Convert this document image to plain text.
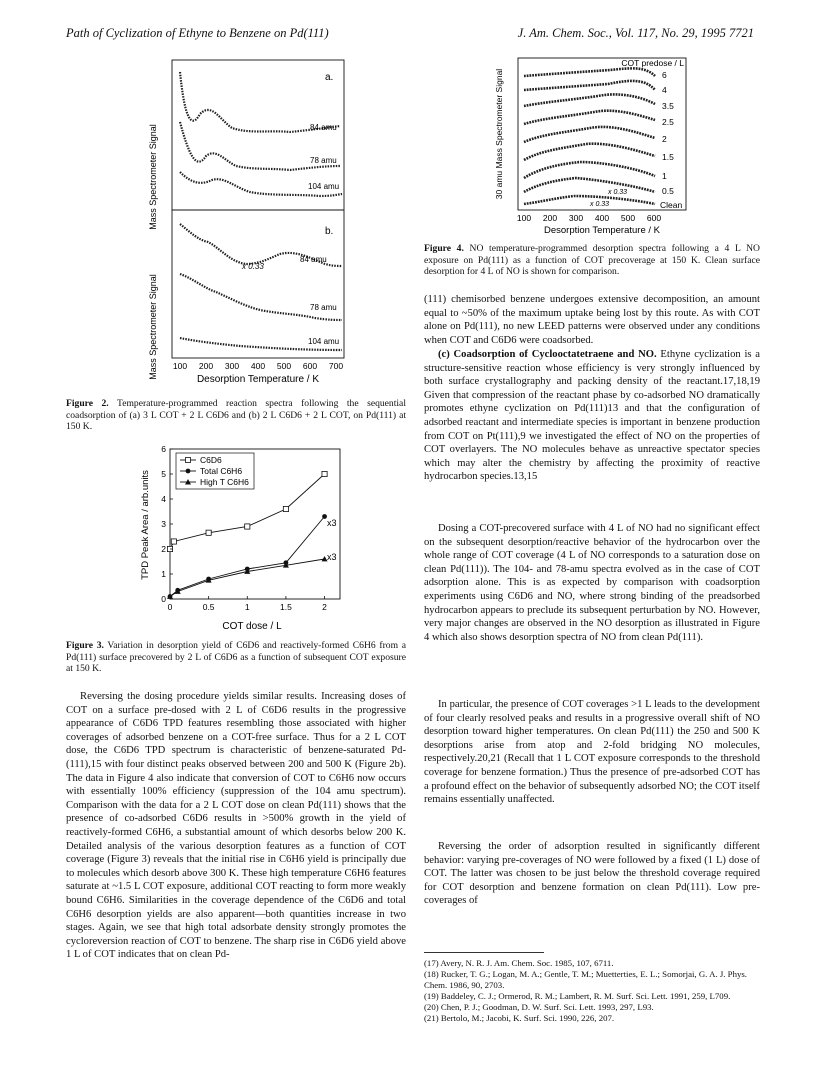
Path of Cyclization of Ethyne to Benzene on Pd(111)	J. Am. Chem. Soc., Vol. 117, No. 29, 1995 7721
Mass Spectrometer Signal
Mass Spectrometer Signal
a.
84 amu
78 amu
104 amu
b.
x 0.33
84 amu
78 amu
104 amu
100 200 300 400 500 600 700
Desorption Temperature / K

Figure 2. Temperature-programmed reaction spectra following the sequential coadsorption of (a) 3 L COT + 2 L C6D6 and (b) 2 L C6D6 + 2 L COT, on Pd(111) at 150 K.

0	0.5	1	1.5	2
0
1
2
3
4
5
6
TPD Peak Area / arb.units
COT dose / L
C6D6
Total C6H6
High T C6H6
x3
x3

Figure 3. Variation in desorption yield of C6D6 and reactively-formed C6H6 from a Pd(111) surface precovered by 2 L of C6D6 as a function of subsequent COT exposure at 150 K.

Reversing the dosing procedure yields similar results. Increasing doses of COT on a surface pre-dosed with 2 L of C6D6 results in the progressive appearance of C6D6 TPD features resembling those associated with higher coverages of adsorbed benzene on a COT-free surface. Thus for a 2 L COT dose, the C6D6 TPD spectrum is characteristic of benzene-saturated Pd-(111),15 with four distinct peaks observed between 200 and 500 K (Figure 2b). The data in Figure 4 also indicate that conversion of COT to C6H6 now occurs with essentially 100% efficiency (suppression of the 104 amu spectrum). Comparison with the data for a 2 L COT dose on clean Pd(111) shows that the presence of co-adsorbed C6D6 results in >500% growth in the yield of reactively-formed C6H6, a substantial amount of which desorbs below 200 K. Detailed analysis of the various desorption features as a function of COT coverage (Figure 3) reveals that the initial rise in C6H6 yield is principally due to molecules which desorb above 300 K. These high temperature C6H6 features saturate at ~1.5 L COT exposure, additional COT reacting to form more weakly bound C6H6. Similarities in the coverage dependence of the C6D6 and total C6H6 desorption yields are also apparent—both quantities increase in two stages. Again, we see that high total adsorbate density strongly promotes the cycloreversion reaction of COT to benzene. The sharp rise in C6D6 yield above 1 L of COT indicates that on clean Pd-

30 amu Mass Spectrometer Signal
COT predose / L
6
4
3.5
2.5
2
1.5
1
0.5
Clean
x 0.33
x 0.33
100 200 300 400 500 600
Desorption Temperature / K

Figure 4. NO temperature-programmed desorption spectra following a 4 L NO exposure on Pd(111) as a function of COT precoverage at 150 K. Clean surface desorption for 4 L of NO is shown for comparison.

(111) chemisorbed benzene undergoes extensive decomposition, an amount equal to ~50% of the maximum uptake being lost by this route. As with COT alone on Pd(111), no new LEED patterns were observed under any conditions when COT and C6D6 were coadsorbed.

(c) Coadsorption of Cyclooctatetraene and NO. Ethyne cyclization is a structure-sensitive reaction whose efficiency is very strongly influenced by both surface crystallography and packing density of the reactant.17,18,19 Given that compression of the reactant phase by co-adsorbed NO dramatically promotes ethyne cyclization on Pd(111)13 and that the configuration of adsorbed reactant and intermediate species is important in benzene production from COT on Pt(111),9 we investigated the effect of NO on the properties of COT overlayers. The NO molecules behave as unreactive spectator species which may alter the chemistry by affecting the proximity of reactive hydrocarbon species.13,15

Dosing a COT-precovered surface with 4 L of NO had no significant effect on the subsequent desorption/reactive behavior of the hydrocarbon over the whole range of COT coverage (4 L of NO corresponds to a saturation dose on clean Pd(111)). The 104- and 78-amu spectra evolved as in the case of COT adsorption alone. This is as expected by comparison with coadsorption experiments using C6D6 and NO, where strong binding of the preadsorbed hydrocarbon appears to preclude its subsequent perturbation by NO. However, very major changes are observed in the NO desorption as illustrated in Figure 4 which also shows desorption spectra of NO from clean Pd(111).

In particular, the presence of COT coverages >1 L leads to the development of four clearly resolved peaks and results in a progressive overall shift of NO desorption toward higher temperatures. On clean Pd(111) the 250 and 500 K desorptions arise from atop and 2-fold bridging NO molecules, respectively.20,21 (Recall that 1 L COT exposure corresponds to the threshold coverage for benzene formation.) Thus the presence of pre-adsorbed COT has a profound effect on the behavior of subsequently adsorbed NO; the COT itself remains essentially unaffected.

Reversing the order of adsorption resulted in significantly different behavior: varying pre-coverages of NO were followed by a fixed (1 L) dose of COT. The latter was chosen to be just below the threshold coverage required for COT desorption and benzene formation on clean Pd(111). Low pre-coverages of

(17) Avery, N. R. J. Am. Chem. Soc. 1985, 107, 6711.

(18) Rucker, T. G.; Logan, M. A.; Gentle, T. M.; Muetterties, E. L.; Somorjai, G. A. J. Phys. Chem. 1986, 90, 2703.

(19) Baddeley, C. J.; Ormerod, R. M.; Lambert, R. M. Surf. Sci. Lett. 1991, 259, L709.

(20) Chen, P. J.; Goodman, D. W. Surf. Sci. Lett. 1993, 297, L93.

(21) Bertolo, M.; Jacobi, K. Surf. Sci. 1990, 226, 207.
